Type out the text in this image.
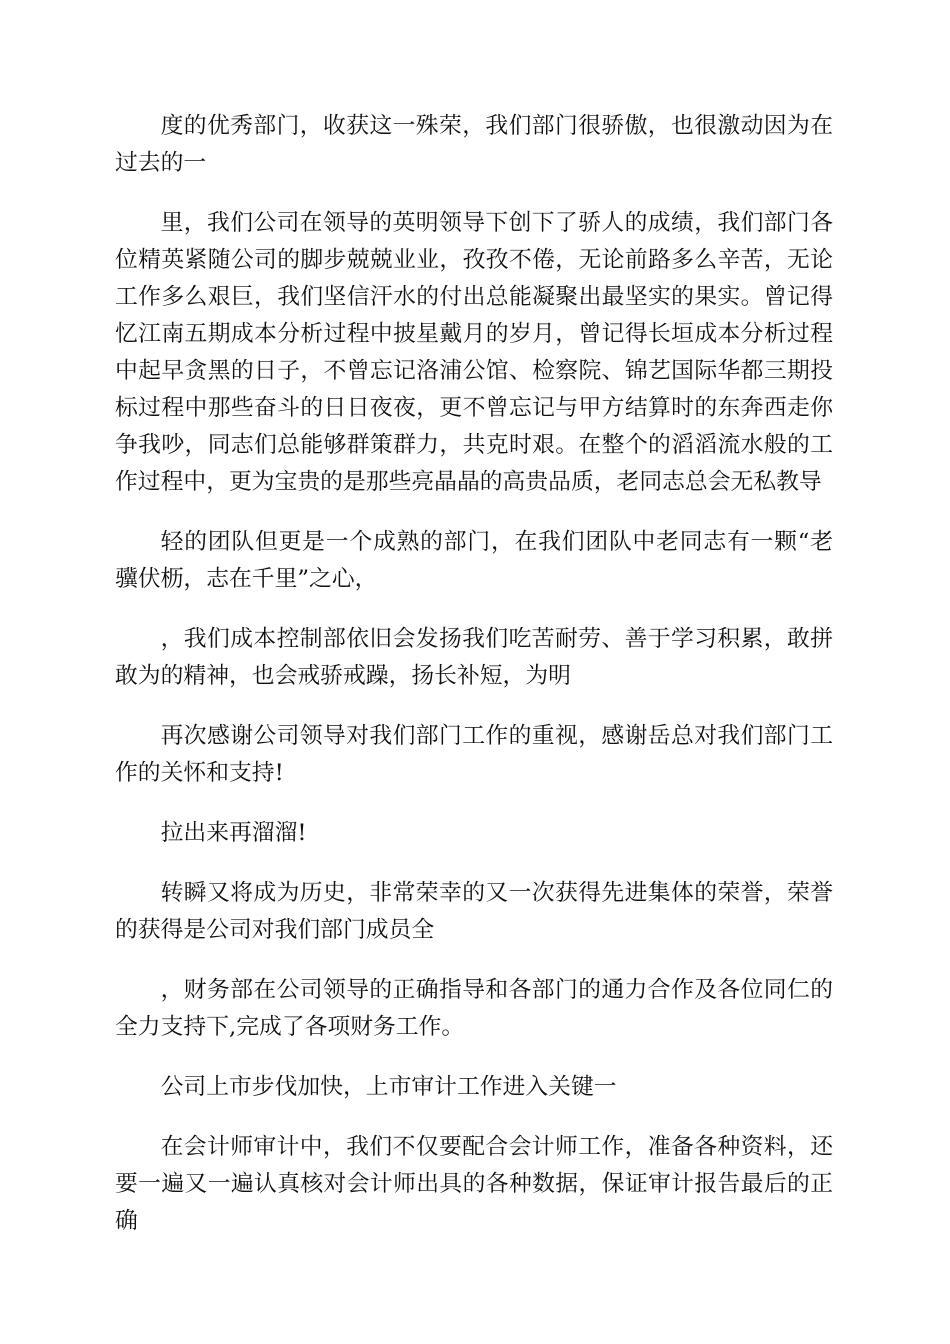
度的优秀部门，收获这一殊荣，我们部门很骄傲，也很激动因为在过去的一

里，我们公司在领导的英明领导下创下了骄人的成绩，我们部门各位精英紧随公司的脚步兢兢业业，孜孜不倦，无论前路多么辛苦，无论工作多么艰巨，我们坚信汗水的付出总能凝聚出最坚实的果实。曾记得忆江南五期成本分析过程中披星戴月的岁月，曾记得长垣成本分析过程中起早贪黑的日子，不曾忘记洛浦公馆、检察院、锦艺国际华都三期投标过程中那些奋斗的日日夜夜，更不曾忘记与甲方结算时的东奔西走你争我吵，同志们总能够群策群力，共克时艰。在整个的滔滔流水般的工作过程中，更为宝贵的是那些亮晶晶的高贵品质，老同志总会无私教导

轻的团队但更是一个成熟的部门，在我们团队中老同志有一颗“老骥伏枥，志在千里”之心，

，我们成本控制部依旧会发扬我们吃苦耐劳、善于学习积累，敢拼敢为的精神，也会戒骄戒躁，扬长补短，为明

再次感谢公司领导对我们部门工作的重视，感谢岳总对我们部门工作的关怀和支持!

拉出来再溜溜!

转瞬又将成为历史，非常荣幸的又一次获得先进集体的荣誉，荣誉的获得是公司对我们部门成员全

，财务部在公司领导的正确指导和各部门的通力合作及各位同仁的全力支持下,完成了各项财务工作。

公司上市步伐加快，上市审计工作进入关键一

在会计师审计中，我们不仅要配合会计师工作，准备各种资料，还要一遍又一遍认真核对会计师出具的各种数据，保证审计报告最后的正确
